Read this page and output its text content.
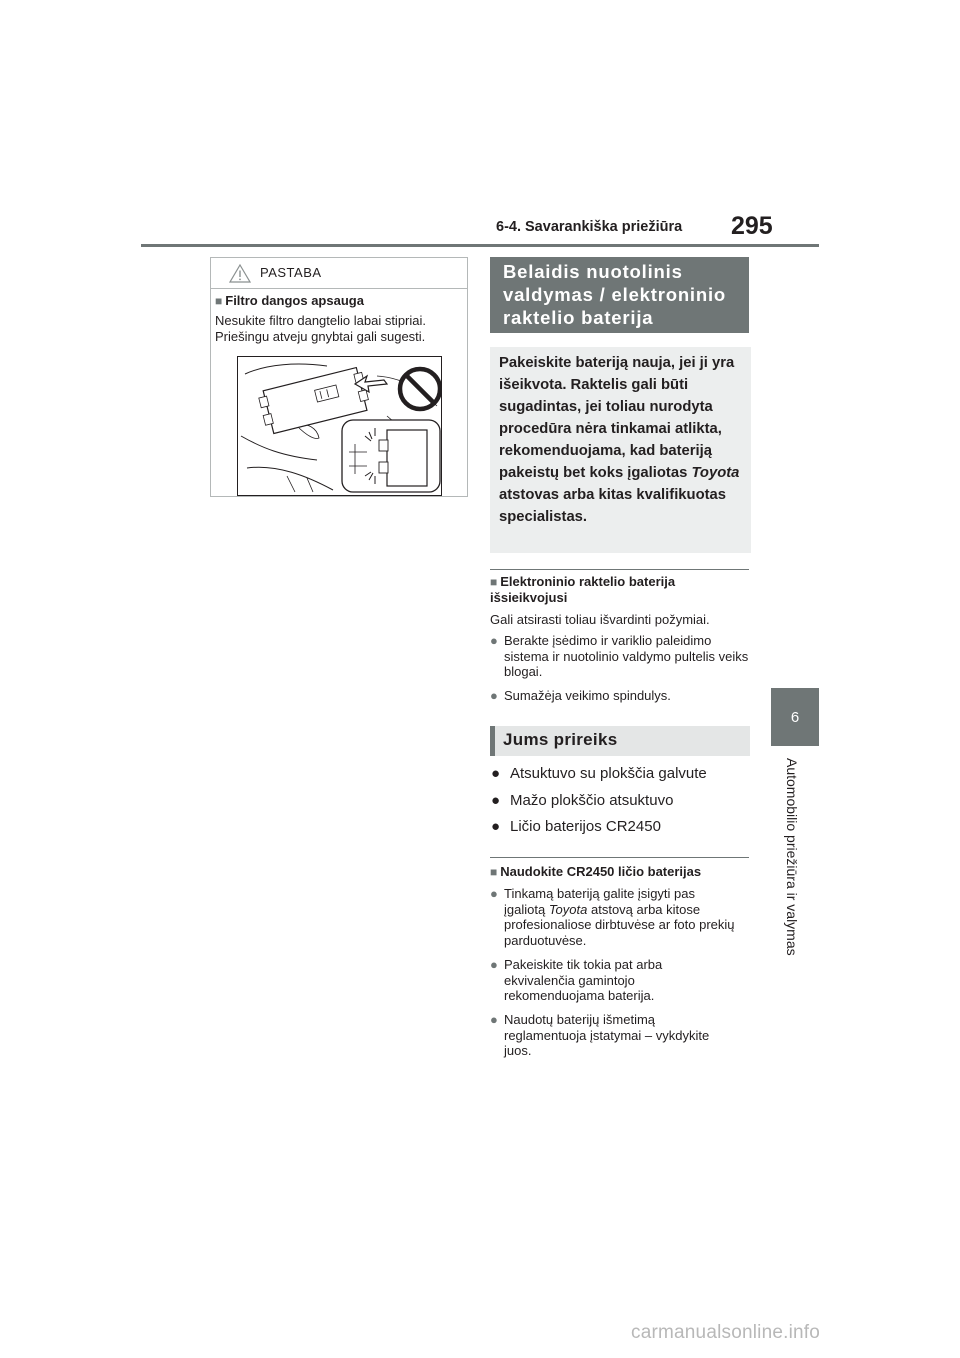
6-4. Savarankiška priežiūra 295
6
Automobilio priežiūra ir valymas
PASTABA
■ Filtro dangos apsauga
Nesukite filtro dangtelio labai stipriai. Priešingu atveju gnybtai gali sugesti.
Belaidis nuotolinis
valdymas / elektroninio
raktelio baterija
Pakeiskite bateriją nauja, jei ji yra išeikvota. Raktelis gali būti sugadintas, jei toliau nurodyta procedūra nėra tinkamai atlikta, rekomenduojama, kad bateriją pakeistų bet koks įgaliotas Toyota atstovas arba kitas kvalifikuotas specialistas.
■ Elektroninio raktelio baterija išsieikvojusi
Gali atsirasti toliau išvardinti požymiai.
● Berakte įsėdimo ir variklio paleidimo sistema ir nuotolinio valdymo pultelis veiks blogai.
● Sumažėja veikimo spindulys.
Jums prireiks
● Atsuktuvo su plokščia galvute
● Mažo plokščio atsuktuvo
● Ličio baterijos CR2450
■ Naudokite CR2450 ličio baterijas
● Tinkamą bateriją galite įsigyti pas įgaliotą Toyota atstovą arba kitose profesionaliose dirbtuvėse ar foto prekių parduotuvėse.
● Pakeiskite tik tokia pat arba ekvivalenčia gamintojo rekomenduojama baterija.
● Naudotų baterijų išmetimą reglamentuoja įstatymai – vykdykite juos.
carmanualsonline.info
